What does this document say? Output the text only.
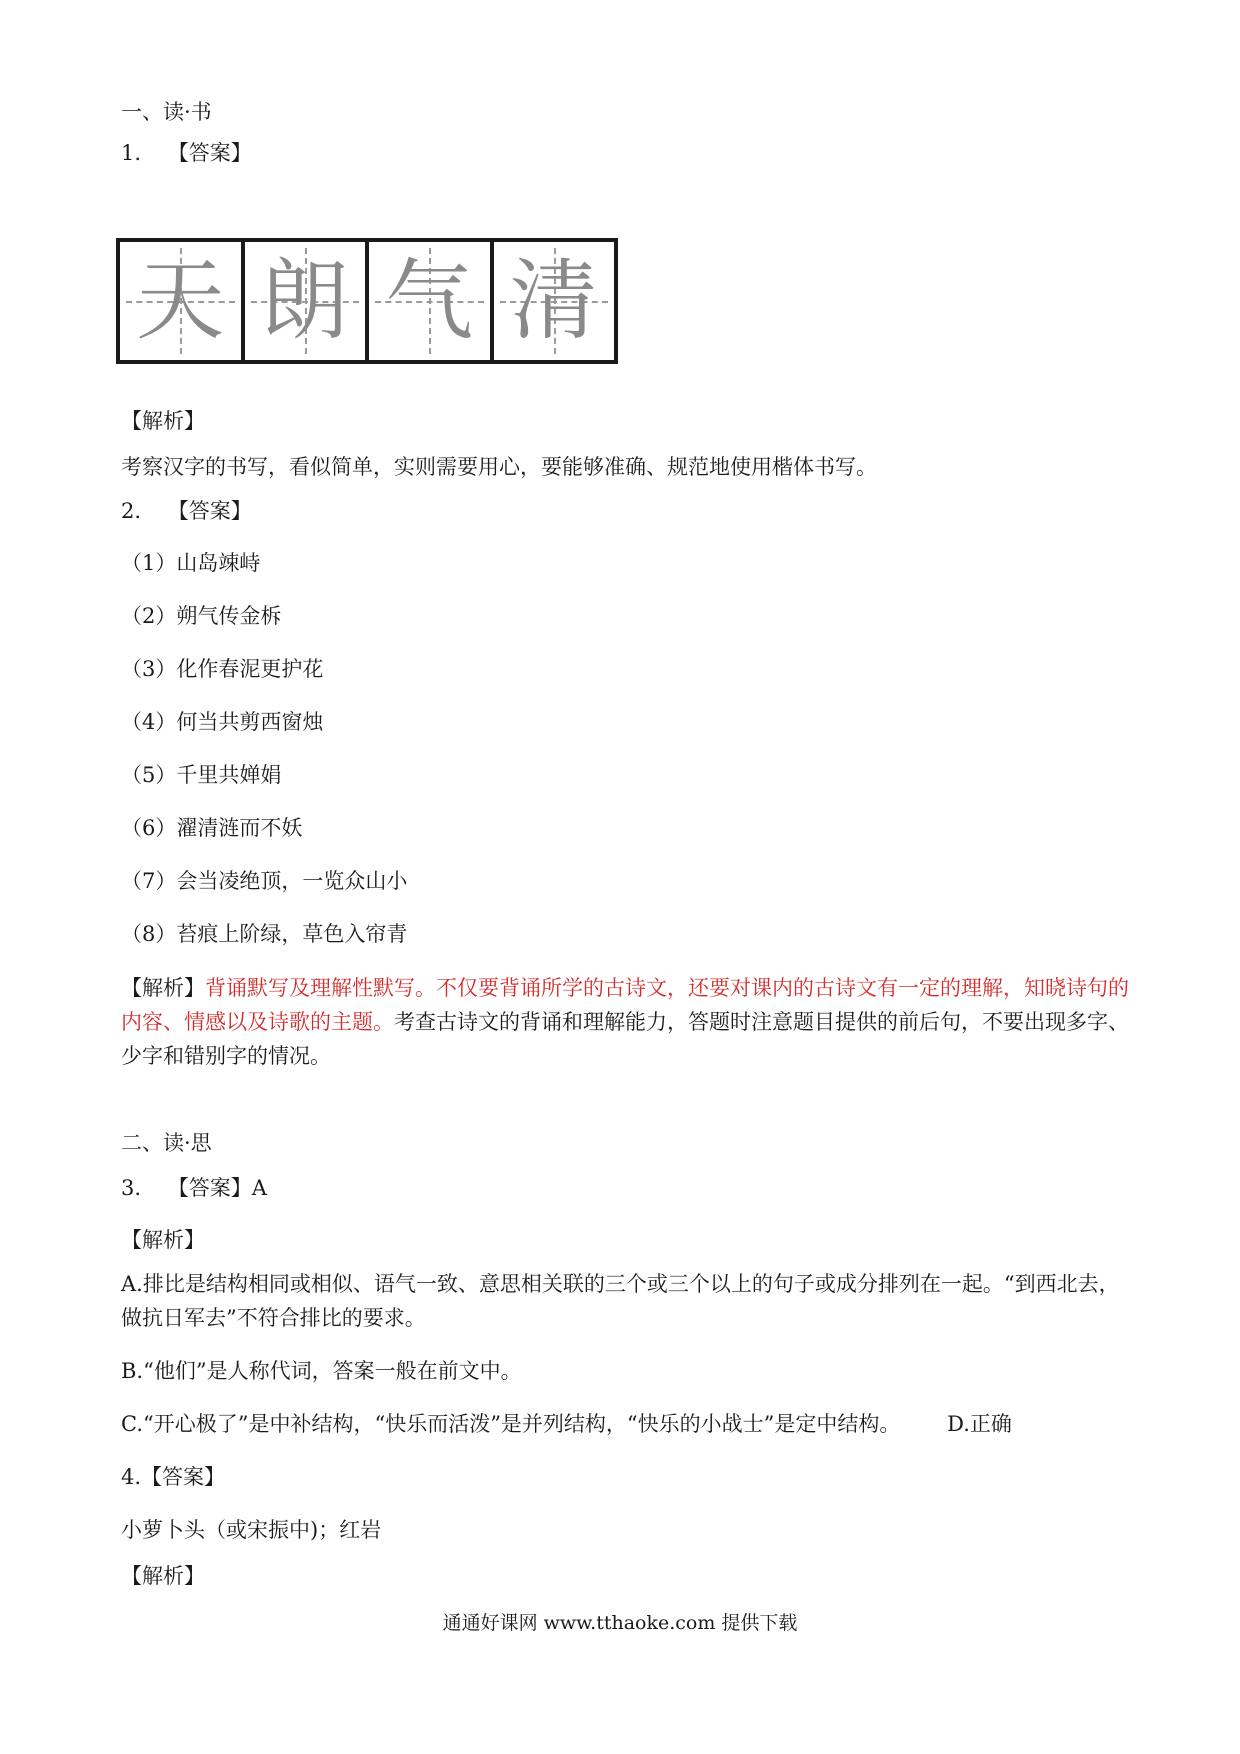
一、读·书
1. 【答案】
天 朗 气 清
【解析】
考察汉字的书写，看似简单，实则需要用心，要能够准确、规范地使用楷体书写。
2. 【答案】
（1）山岛竦峙
（2）朔气传金柝
（3）化作春泥更护花
（4）何当共剪西窗烛
（5）千里共婵娟
（6）濯清涟而不妖
（7）会当凌绝顶，一览众山小
（8）苔痕上阶绿，草色入帘青
【解析】背诵默写及理解性默写。不仅要背诵所学的古诗文，还要对课内的古诗文有一定的理解，知晓诗句的内容、情感以及诗歌的主题。考查古诗文的背诵和理解能力，答题时注意题目提供的前后句，不要出现多字、少字和错别字的情况。
二、读·思
3. 【答案】A
【解析】
A.排比是结构相同或相似、语气一致、意思相关联的三个或三个以上的句子或成分排列在一起。“到西北去，　　做抗日军去”不符合排比的要求。
B.“他们”是人称代词，答案一般在前文中。
C.“开心极了”是中补结构，“快乐而活泼”是并列结构，“快乐的小战士”是定中结构。 D.正确
4.【答案】
小萝卜头（或宋振中)；红岩
【解析】
通通好课网 www.tthaoke.com 提供下载
